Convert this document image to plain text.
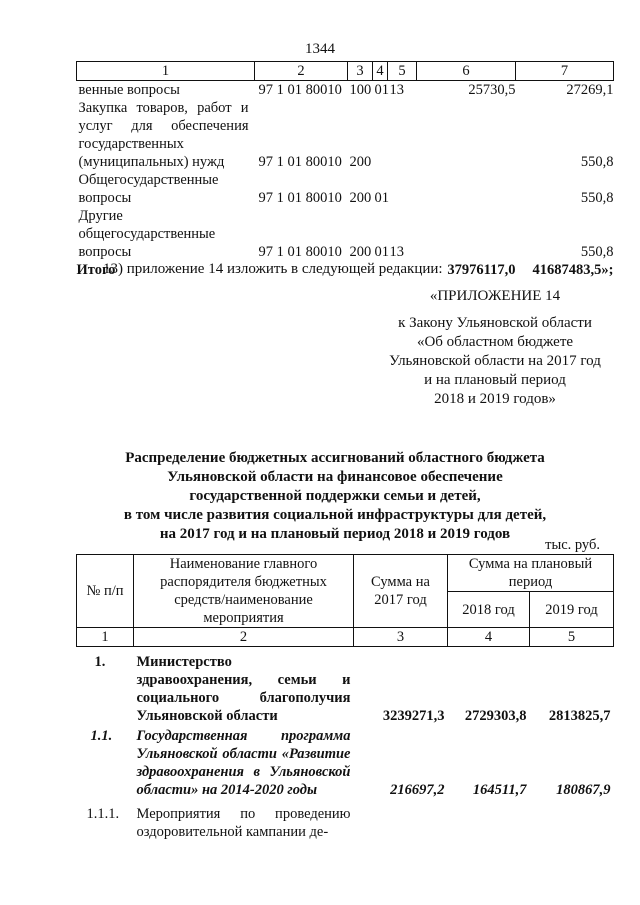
1344
1	2	3	4	5	6	7
венные вопросы	97 1 01 80010	100	01	13	25730,5	27269,1
Закупка товаров, работ и услуг для обеспечения государственных (муниципальных) нужд	97 1 01 80010	200				550,8
Общегосударственные вопросы	97 1 01 80010	200	01			550,8
Другие общегосударственные вопросы	97 1 01 80010	200	01	13		550,8
Итого					37976117,0	41687483,5»;
13) приложение 14 изложить в следующей редакции:
«ПРИЛОЖЕНИЕ 14
к Закону Ульяновской области
«Об областном бюджете
Ульяновской области на 2017 год
и на плановый период
2018 и 2019 годов»
Распределение бюджетных ассигнований областного бюджета
Ульяновской области на финансовое обеспечение
государственной поддержки семьи и детей,
в том числе развития социальной инфраструктуры для детей,
на 2017 год и на плановый период 2018 и 2019 годов
тыс. руб.
№ п/п	Наименование главного распорядителя бюджетных средств/наименование мероприятия	Сумма на 2017 год	Сумма на плановый период	
			2018 год	2019 год
1	2	3	4	5
1.	Министерство здравоохранения, семьи и социального благополучия Ульяновской области	3239271,3	2729303,8	2813825,7
1.1.	Государственная программа Ульяновской области «Развитие здравоохранения в Ульяновской области» на 2014-2020 годы	216697,2	164511,7	180867,9
1.1.1.	Мероприятия по проведению оздоровительной кампании де-			
